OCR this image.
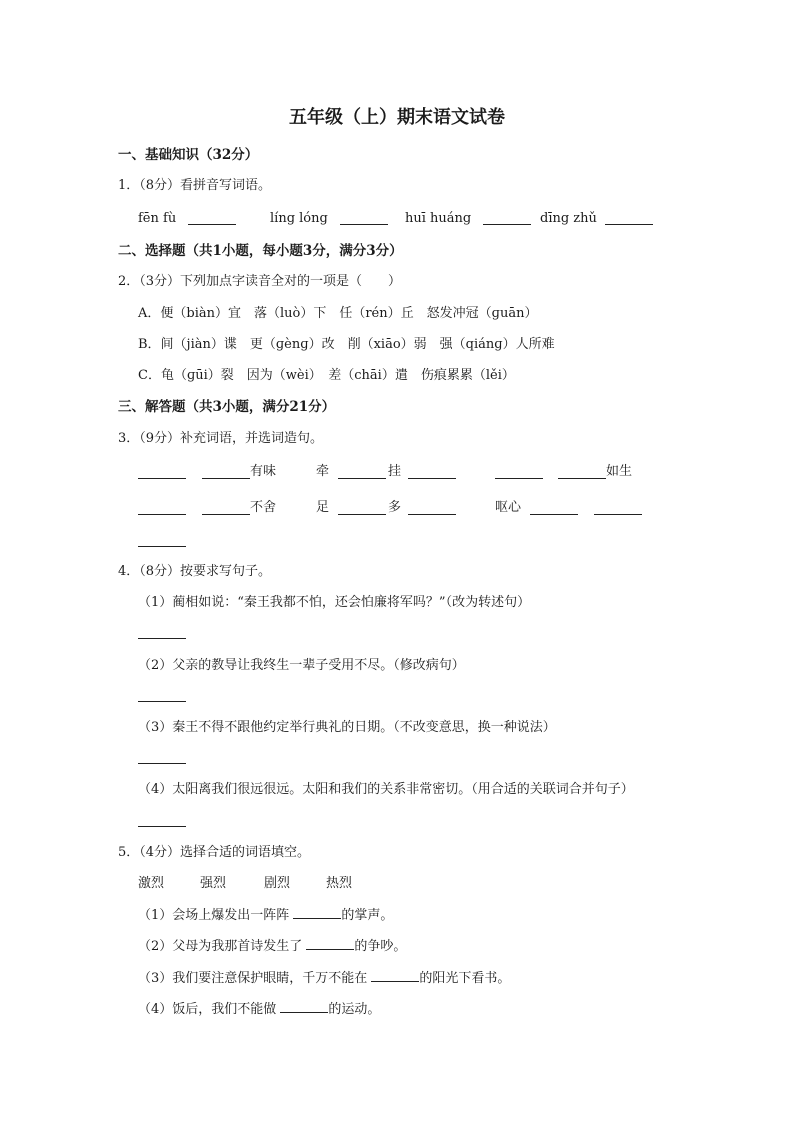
五年级（上）期末语文试卷
一、基础知识（32分）
1．（8分）看拼音写词语。
fēn fù	líng lóng	huī huáng	dīng zhǔ
二、选择题（共1小题，每小题3分，满分3分）
2．（3分）下列加点字读音全对的一项是（　　）
A．便（biàn）宜　落（luò）下　任（rén）丘　怒发冲冠（ɡuān）
B．间（jiàn）谍　更（ɡènɡ）改　削（xiāo）弱　强（qiánɡ）人所难
C．龟（ɡūi）裂　因为（wèi）　差（chāi）遣　伤痕累累（lěi）
三、解答题（共3小题，满分21分）
3．（9分）补充词语，并选词造句。
有味	牵	挂	如生
不舍	足	多	呕心
4．（8分）按要求写句子。
（1）蔺相如说：“秦王我都不怕，还会怕廉将军吗？”（改为转述句）
（2）父亲的教导让我终生一辈子受用不尽。（修改病句）
（3）秦王不得不跟他约定举行典礼的日期。（不改变意思，换一种说法）
（4）太阳离我们很远很远。太阳和我们的关系非常密切。（用合适的关联词合并句子）
5．（4分）选择合适的词语填空。
激烈	强烈	剧烈	热烈
（1）会场上爆发出一阵阵	的掌声。
（2）父母为我那首诗发生了	的争吵。
（3）我们要注意保护眼睛，千万不能在	的阳光下看书。
（4）饭后，我们不能做	的运动。
